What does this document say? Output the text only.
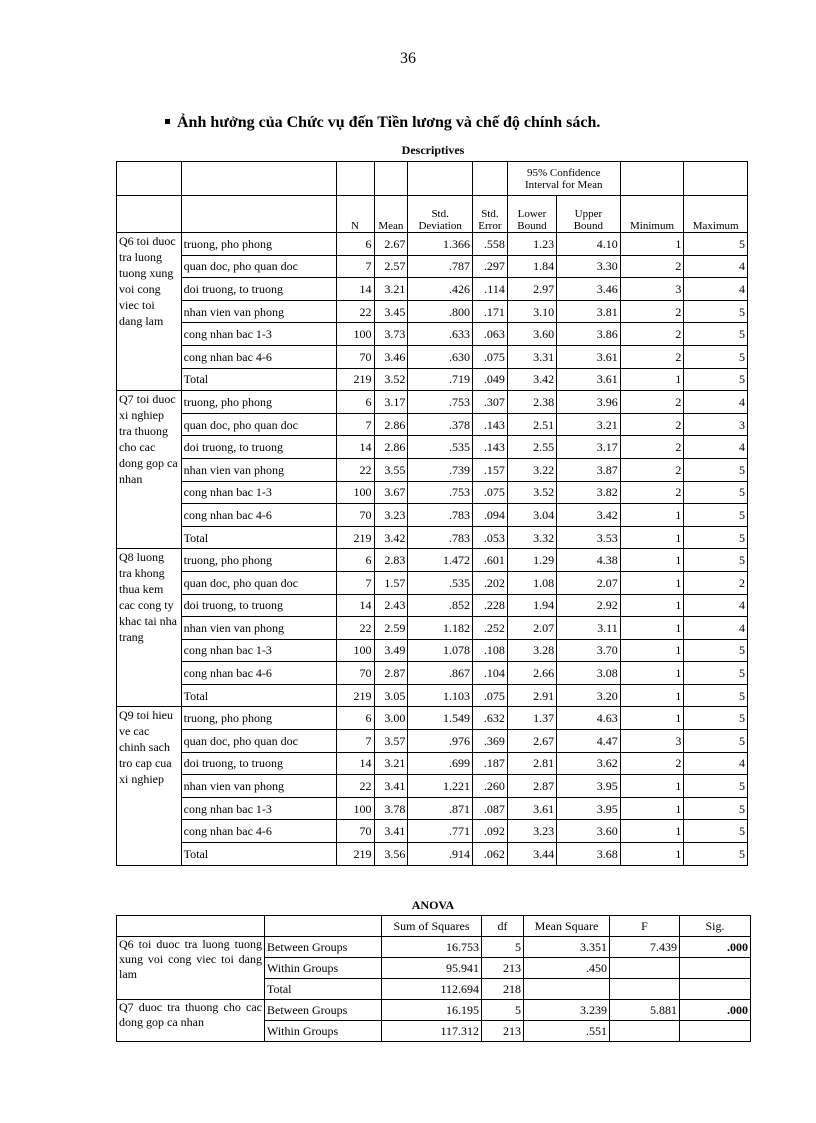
36
Ảnh hưởng của Chức vụ đến Tiền lương và chế độ chính sách.
Descriptives
						95% Confidence Interval for Mean			
		N	Mean	Std. Deviation	Std. Error	Lower Bound	Upper Bound	Minimum	Maximum
Q6 toi duoc tra luong tuong xung voi cong viec toi dang lam	truong, pho phong	6	2.67	1.366	.558	1.23	4.10	1	5
	quan doc, pho quan doc	7	2.57	.787	.297	1.84	3.30	2	4
	doi truong, to truong	14	3.21	.426	.114	2.97	3.46	3	4
	nhan vien van phong	22	3.45	.800	.171	3.10	3.81	2	5
	cong nhan bac 1-3	100	3.73	.633	.063	3.60	3.86	2	5
	cong nhan bac 4-6	70	3.46	.630	.075	3.31	3.61	2	5
	Total	219	3.52	.719	.049	3.42	3.61	1	5
Q7 toi duoc xi nghiep tra thuong cho cac dong gop ca nhan	truong, pho phong	6	3.17	.753	.307	2.38	3.96	2	4
	quan doc, pho quan doc	7	2.86	.378	.143	2.51	3.21	2	3
	doi truong, to truong	14	2.86	.535	.143	2.55	3.17	2	4
	nhan vien van phong	22	3.55	.739	.157	3.22	3.87	2	5
	cong nhan bac 1-3	100	3.67	.753	.075	3.52	3.82	2	5
	cong nhan bac 4-6	70	3.23	.783	.094	3.04	3.42	1	5
	Total	219	3.42	.783	.053	3.32	3.53	1	5
Q8 luong tra khong thua kem cac cong ty khac tai nha trang	truong, pho phong	6	2.83	1.472	.601	1.29	4.38	1	5
	quan doc, pho quan doc	7	1.57	.535	.202	1.08	2.07	1	2
	doi truong, to truong	14	2.43	.852	.228	1.94	2.92	1	4
	nhan vien van phong	22	2.59	1.182	.252	2.07	3.11	1	4
	cong nhan bac 1-3	100	3.49	1.078	.108	3.28	3.70	1	5
	cong nhan bac 4-6	70	2.87	.867	.104	2.66	3.08	1	5
	Total	219	3.05	1.103	.075	2.91	3.20	1	5
Q9 toi hieu ve cac chinh sach tro cap cua xi nghiep	truong, pho phong	6	3.00	1.549	.632	1.37	4.63	1	5
	quan doc, pho quan doc	7	3.57	.976	.369	2.67	4.47	3	5
	doi truong, to truong	14	3.21	.699	.187	2.81	3.62	2	4
	nhan vien van phong	22	3.41	1.221	.260	2.87	3.95	1	5
	cong nhan bac 1-3	100	3.78	.871	.087	3.61	3.95	1	5
	cong nhan bac 4-6	70	3.41	.771	.092	3.23	3.60	1	5
	Total	219	3.56	.914	.062	3.44	3.68	1	5
ANOVA
		Sum of Squares	df	Mean Square	F	Sig.
Q6 toi duoc tra luong tuong xung voi cong viec toi dang lam	Between Groups	16.753	5	3.351	7.439	.000
	Within Groups	95.941	213	.450		
	Total	112.694	218			
Q7 duoc tra thuong cho cac dong gop ca nhan	Between Groups	16.195	5	3.239	5.881	.000
	Within Groups	117.312	213	.551		
